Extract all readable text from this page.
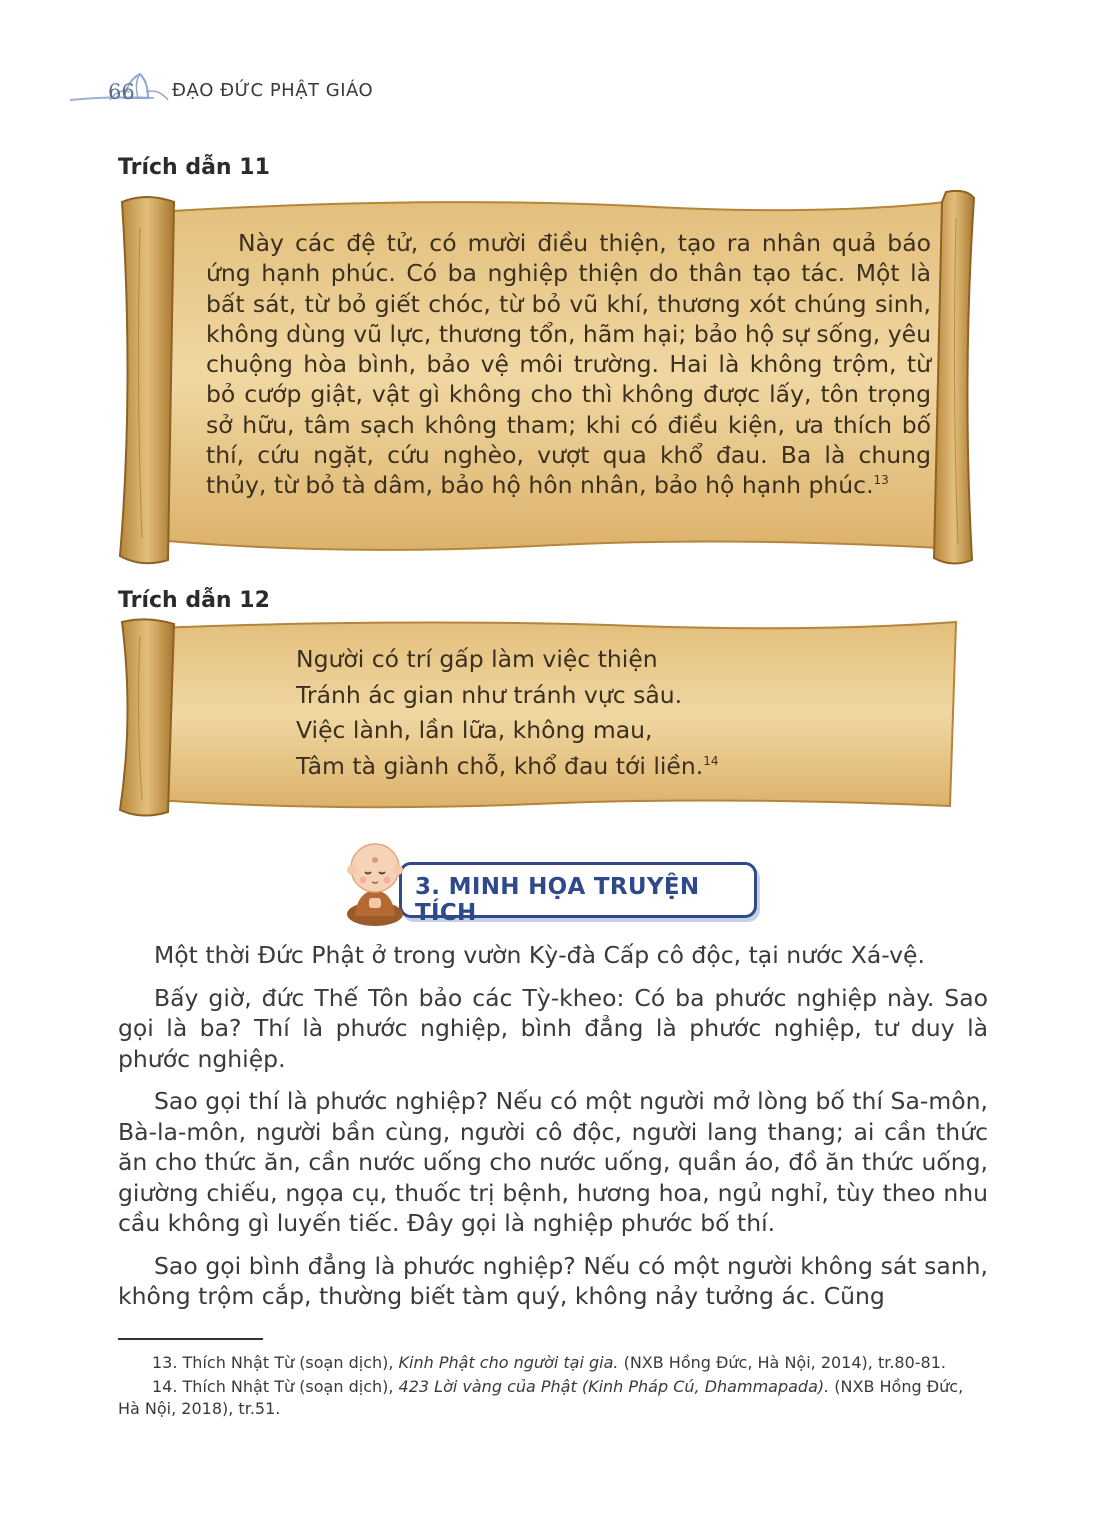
66 ĐẠO ĐỨC PHẬT GIÁO
Trích dẫn 11

Này các đệ tử, có mười điều thiện, tạo ra nhân quả báo ứng hạnh phúc. Có ba nghiệp thiện do thân tạo tác. Một là bất sát, từ bỏ giết chóc, từ bỏ vũ khí, thương xót chúng sinh, không dùng vũ lực, thương tổn, hãm hại; bảo hộ sự sống, yêu chuộng hòa bình, bảo vệ môi trường. Hai là không trộm, từ bỏ cướp giật, vật gì không cho thì không được lấy, tôn trọng sở hữu, tâm sạch không tham; khi có điều kiện, ưa thích bố thí, cứu ngặt, cứu nghèo, vượt qua khổ đau. Ba là chung thủy, từ bỏ tà dâm, bảo hộ hôn nhân, bảo hộ hạnh phúc.$^{13}$

Trích dẫn 12
Người có trí gấp làm việc thiện
Tránh ác gian như tránh vực sâu.
Việc lành, lần lữa, không mau,
Tâm tà giành chỗ, khổ đau tới liền.$^{14}$
3. MINH HỌA TRUYỆN TÍCH

Một thời Đức Phật ở trong vườn Kỳ-đà Cấp cô độc, tại nước Xá-vệ.

Bấy giờ, đức Thế Tôn bảo các Tỳ-kheo: Có ba phước nghiệp này. Sao gọi là ba? Thí là phước nghiệp, bình đẳng là phước nghiệp, tư duy là phước nghiệp.

Sao gọi thí là phước nghiệp? Nếu có một người mở lòng bố thí Sa-môn, Bà-la-môn, người bần cùng, người cô độc, người lang thang; ai cần thức ăn cho thức ăn, cần nước uống cho nước uống, quần áo, đồ ăn thức uống, giường chiếu, ngọa cụ, thuốc trị bệnh, hương hoa, ngủ nghỉ, tùy theo nhu cầu không gì luyến tiếc. Đây gọi là nghiệp phước bố thí.

Sao gọi bình đẳng là phước nghiệp? Nếu có một người không sát sanh, không trộm cắp, thường biết tàm quý, không nảy tưởng ác. Cũng

13. Thích Nhật Từ (soạn dịch), Kinh Phật cho người tại gia. (NXB Hồng Đức, Hà Nội, 2014), tr.80-81.

14. Thích Nhật Từ (soạn dịch), 423 Lời vàng của Phật (Kinh Pháp Cú, Dhammapada). (NXB Hồng Đức, Hà Nội, 2018), tr.51.
